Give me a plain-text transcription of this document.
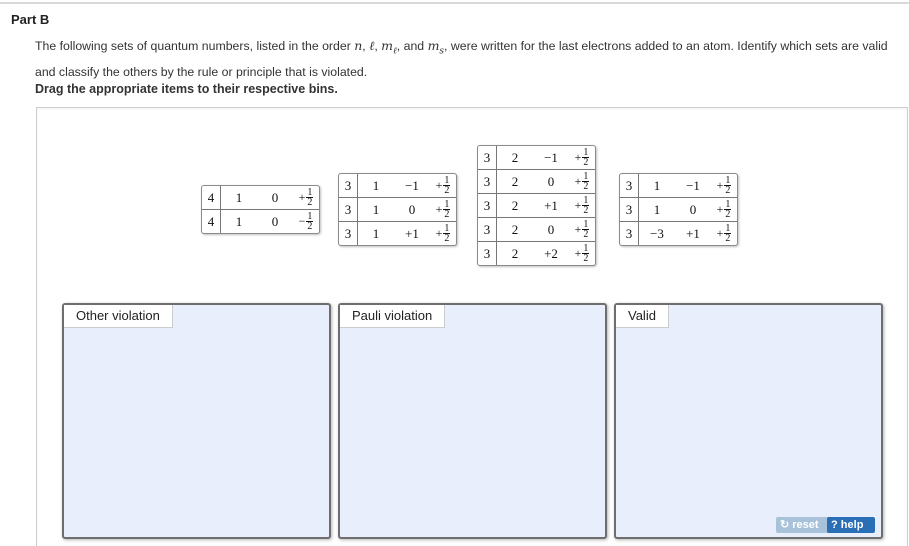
Part B
The following sets of quantum numbers, listed in the order n, ℓ, $m_\ell$, and $m_s$, were written for the last electrons added to an atom. Identify which sets are valid and classify the others by the rule or principle that is violated.
Drag the appropriate items to their respective bins.
4	1	0	+ $\frac{1}{2}$
4	1	0	− $\frac{1}{2}$
3	1	−1	+ $\frac{1}{2}$
3	1	0	+ $\frac{1}{2}$
3	1	+1	+ $\frac{1}{2}$
3	2	−1	+ $\frac{1}{2}$
3	2	0	+ $\frac{1}{2}$
3	2	+1	+ $\frac{1}{2}$
3	2	0	+ $\frac{1}{2}$
3	2	+2	+ $\frac{1}{2}$
3	1	−1	+ $\frac{1}{2}$
3	1	0	+ $\frac{1}{2}$
3	−3	+1	+ $\frac{1}{2}$
Other violation	Pauli violation	Valid
↻ reset	? help
